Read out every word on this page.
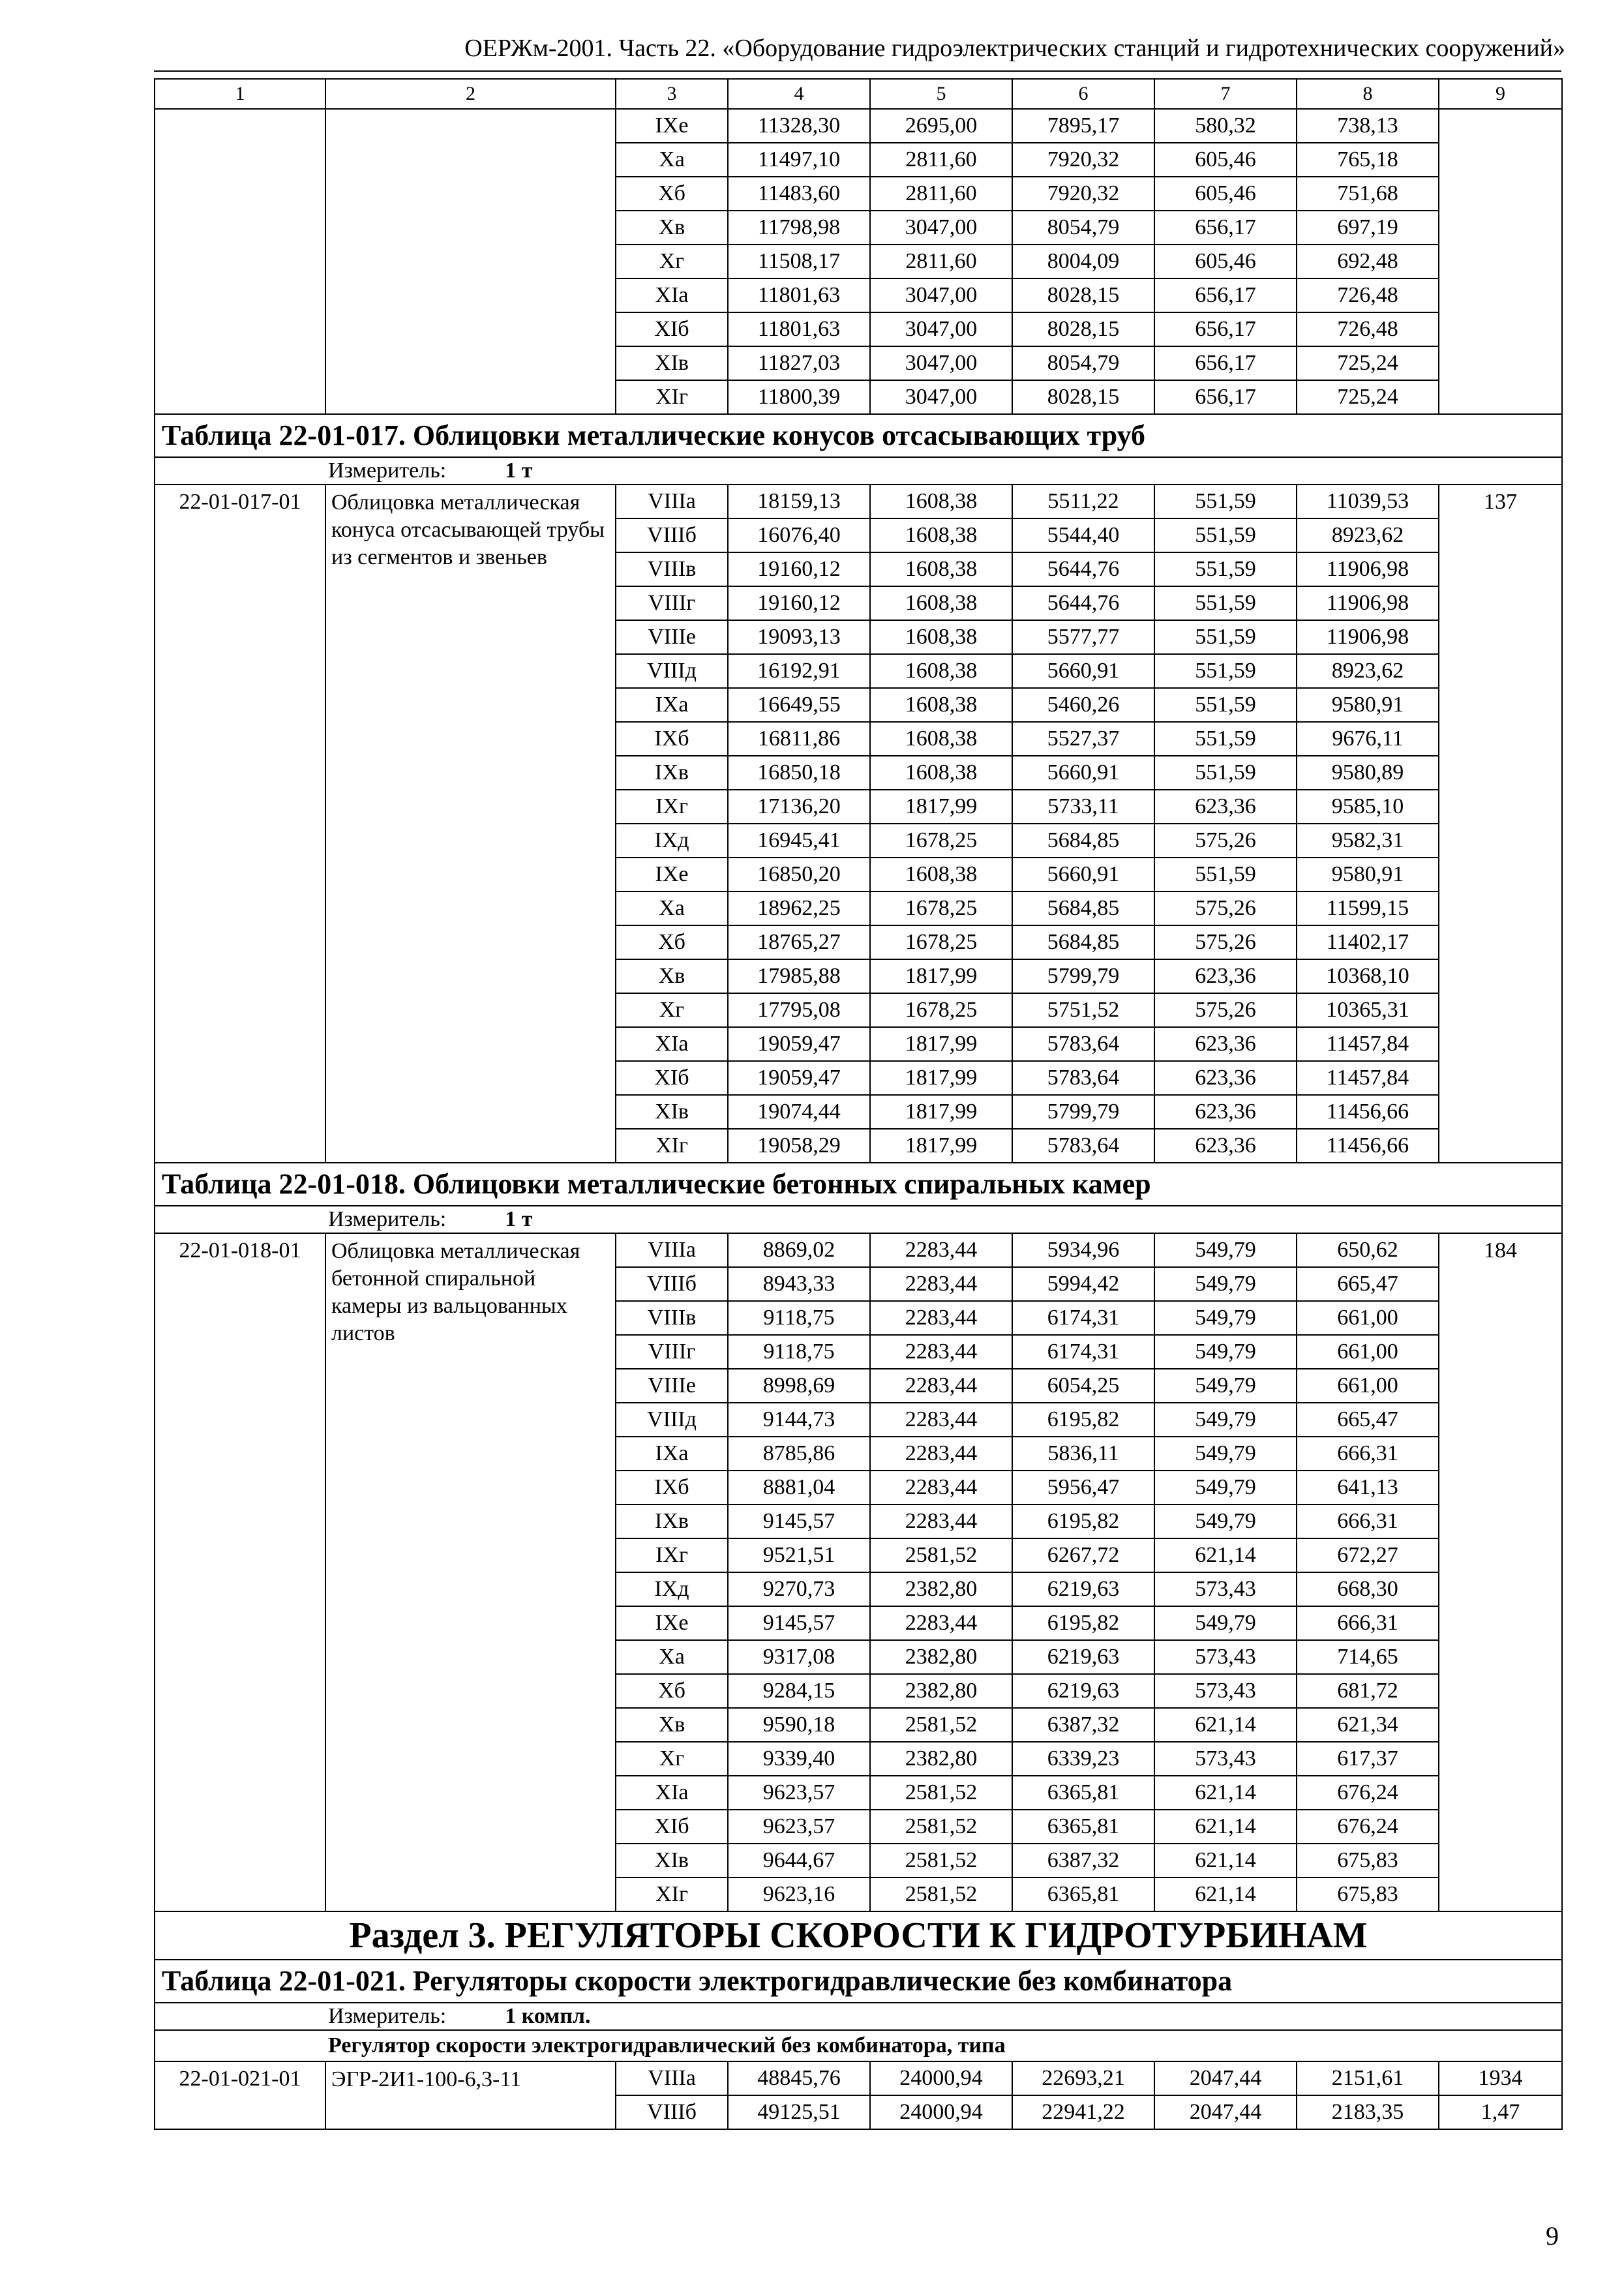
ОЕРЖм-2001. Часть 22. «Оборудование гидроэлектрических станций и гидротехнических сооружений»
1	2	3	4	5	6	7	8	9
		IXе	11328,30	2695,00	7895,17	580,32	738,13	
		Xа	11497,10	2811,60	7920,32	605,46	765,18	
		Xб	11483,60	2811,60	7920,32	605,46	751,68	
		Xв	11798,98	3047,00	8054,79	656,17	697,19	
		Xг	11508,17	2811,60	8004,09	605,46	692,48	
		XIа	11801,63	3047,00	8028,15	656,17	726,48	
		XIб	11801,63	3047,00	8028,15	656,17	726,48	
		XIв	11827,03	3047,00	8054,79	656,17	725,24	
		XIг	11800,39	3047,00	8028,15	656,17	725,24	
Таблица 22-01-017. Облицовки металлические конусов отсасывающих труб								
Измеритель: 1 т								
22-01-017-01	Облицовка металлическая конуса отсасывающей трубы из сегментов и звеньев	VIIIа	18159,13	1608,38	5511,22	551,59	11039,53	137
		VIIIб	16076,40	1608,38	5544,40	551,59	8923,62	
		VIIIв	19160,12	1608,38	5644,76	551,59	11906,98	
		VIIIг	19160,12	1608,38	5644,76	551,59	11906,98	
		VIIIе	19093,13	1608,38	5577,77	551,59	11906,98	
		VIIIд	16192,91	1608,38	5660,91	551,59	8923,62	
		IXа	16649,55	1608,38	5460,26	551,59	9580,91	
		IXб	16811,86	1608,38	5527,37	551,59	9676,11	
		IXв	16850,18	1608,38	5660,91	551,59	9580,89	
		IXг	17136,20	1817,99	5733,11	623,36	9585,10	
		IXд	16945,41	1678,25	5684,85	575,26	9582,31	
		IXе	16850,20	1608,38	5660,91	551,59	9580,91	
		Xа	18962,25	1678,25	5684,85	575,26	11599,15	
		Xб	18765,27	1678,25	5684,85	575,26	11402,17	
		Xв	17985,88	1817,99	5799,79	623,36	10368,10	
		Xг	17795,08	1678,25	5751,52	575,26	10365,31	
		XIа	19059,47	1817,99	5783,64	623,36	11457,84	
		XIб	19059,47	1817,99	5783,64	623,36	11457,84	
		XIв	19074,44	1817,99	5799,79	623,36	11456,66	
		XIг	19058,29	1817,99	5783,64	623,36	11456,66	
Таблица 22-01-018. Облицовки металлические бетонных спиральных камер								
Измеритель: 1 т								
22-01-018-01	Облицовка металлическая бетонной спиральной камеры из вальцованных листов	VIIIа	8869,02	2283,44	5934,96	549,79	650,62	184
		VIIIб	8943,33	2283,44	5994,42	549,79	665,47	
		VIIIв	9118,75	2283,44	6174,31	549,79	661,00	
		VIIIг	9118,75	2283,44	6174,31	549,79	661,00	
		VIIIе	8998,69	2283,44	6054,25	549,79	661,00	
		VIIIд	9144,73	2283,44	6195,82	549,79	665,47	
		IXа	8785,86	2283,44	5836,11	549,79	666,31	
		IXб	8881,04	2283,44	5956,47	549,79	641,13	
		IXв	9145,57	2283,44	6195,82	549,79	666,31	
		IXг	9521,51	2581,52	6267,72	621,14	672,27	
		IXд	9270,73	2382,80	6219,63	573,43	668,30	
		IXе	9145,57	2283,44	6195,82	549,79	666,31	
		Xа	9317,08	2382,80	6219,63	573,43	714,65	
		Xб	9284,15	2382,80	6219,63	573,43	681,72	
		Xв	9590,18	2581,52	6387,32	621,14	621,34	
		Xг	9339,40	2382,80	6339,23	573,43	617,37	
		XIа	9623,57	2581,52	6365,81	621,14	676,24	
		XIб	9623,57	2581,52	6365,81	621,14	676,24	
		XIв	9644,67	2581,52	6387,32	621,14	675,83	
		XIг	9623,16	2581,52	6365,81	621,14	675,83	
Раздел 3. РЕГУЛЯТОРЫ СКОРОСТИ К ГИДРОТУРБИНАМ								
Таблица 22-01-021. Регуляторы скорости электрогидравлические без комбинатора								
Измеритель: 1 компл.								
Регулятор скорости электрогидравлический без комбинатора, типа								
22-01-021-01	ЭГР-2И1-100-6,3-11	VIIIа	48845,76	24000,94	22693,21	2047,44	2151,61	1934
		VIIIб	49125,51	24000,94	22941,22	2047,44	2183,35	1,47
9
